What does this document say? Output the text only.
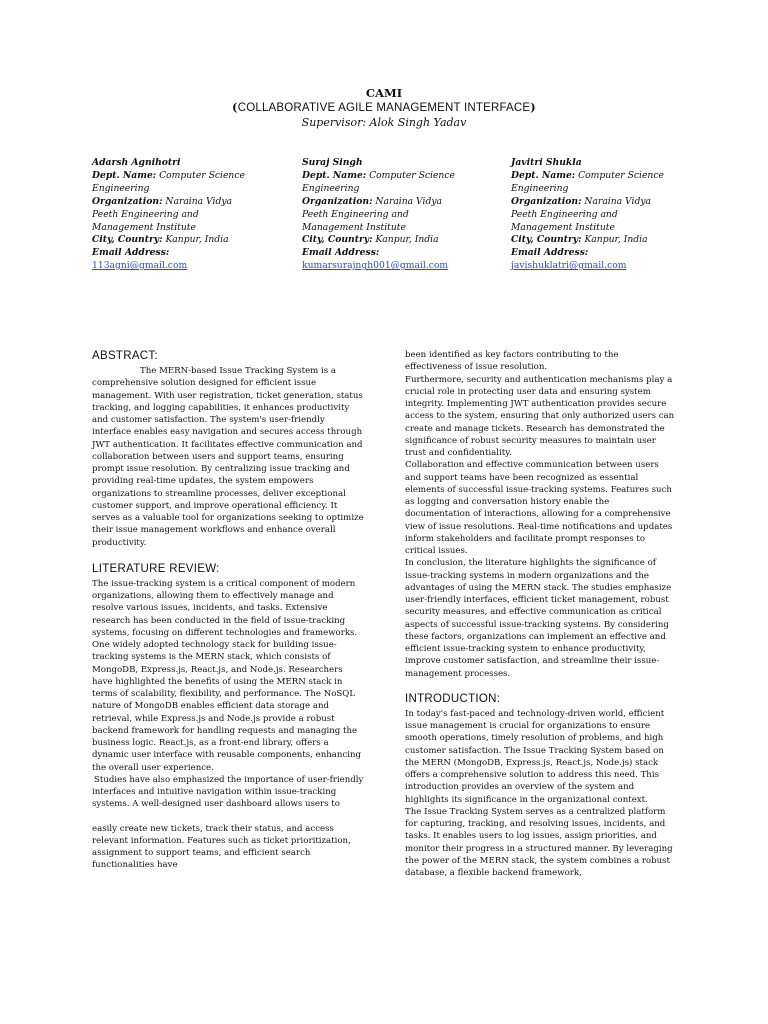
CAMI
(COLLABORATIVE AGILE MANAGEMENT INTERFACE)
Supervisor: Alok Singh Yadav
Adarsh Agnihotri
Dept. Name: Computer Science Engineering
Organization: Naraina Vidya Peeth Engineering and Management Institute
City, Country: Kanpur, India
Email Address:
113agni@gmail.com
Suraj Singh
Dept. Name: Computer Science Engineering
Organization: Naraina Vidya Peeth Engineering and Management Institute
City, Country: Kanpur, India
Email Address:
kumarsurajngh001@gmail.com
Javitri Shukla
Dept. Name: Computer Science Engineering
Organization: Naraina Vidya Peeth Engineering and Management Institute
City, Country: Kanpur, India
Email Address:
javishuklatri@gmail.com
ABSTRACT:

The MERN-based Issue Tracking System is a comprehensive solution designed for efficient issue management. With user registration, ticket generation, status tracking, and logging capabilities, it enhances productivity and customer satisfaction. The system's user-friendly interface enables easy navigation and secures access through JWT authentication. It facilitates effective communication and collaboration between users and support teams, ensuring prompt issue resolution. By centralizing issue tracking and providing real-time updates, the system empowers organizations to streamline processes, deliver exceptional customer support, and improve operational efficiency. It serves as a valuable tool for organizations seeking to optimize their issue management workflows and enhance overall productivity.

LITERATURE REVIEW:

The issue-tracking system is a critical component of modern organizations, allowing them to effectively manage and resolve various issues, incidents, and tasks. Extensive research has been conducted in the field of issue-tracking systems, focusing on different technologies and frameworks.

One widely adopted technology stack for building issue-tracking systems is the MERN stack, which consists of MongoDB, Express.js, React.js, and Node.js. Researchers have highlighted the benefits of using the MERN stack in terms of scalability, flexibility, and performance. The NoSQL nature of MongoDB enables efficient data storage and retrieval, while Express.js and Node.js provide a robust backend framework for handling requests and managing the business logic. React.js, as a front-end library, offers a dynamic user interface with reusable components, enhancing the overall user experience.

Studies have also emphasized the importance of user-friendly interfaces and intuitive navigation within issue-tracking systems. A well-designed user dashboard allows users to

easily create new tickets, track their status, and access relevant information. Features such as ticket prioritization, assignment to support teams, and efficient search functionalities have

been identified as key factors contributing to the effectiveness of issue resolution.

Furthermore, security and authentication mechanisms play a crucial role in protecting user data and ensuring system integrity. Implementing JWT authentication provides secure access to the system, ensuring that only authorized users can create and manage tickets. Research has demonstrated the significance of robust security measures to maintain user trust and confidentiality.

Collaboration and effective communication between users and support teams have been recognized as essential elements of successful issue-tracking systems. Features such as logging and conversation history enable the documentation of interactions, allowing for a comprehensive view of issue resolutions. Real-time notifications and updates inform stakeholders and facilitate prompt responses to critical issues.

In conclusion, the literature highlights the significance of issue-tracking systems in modern organizations and the advantages of using the MERN stack. The studies emphasize user-friendly interfaces, efficient ticket management, robust security measures, and effective communication as critical aspects of successful issue-tracking systems. By considering these factors, organizations can implement an effective and efficient issue-tracking system to enhance productivity, improve customer satisfaction, and streamline their issue-management processes.

INTRODUCTION:

In today's fast-paced and technology-driven world, efficient issue management is crucial for organizations to ensure smooth operations, timely resolution of problems, and high customer satisfaction. The Issue Tracking System based on the MERN (MongoDB, Express.js, React.js, Node.js) stack offers a comprehensive solution to address this need. This introduction provides an overview of the system and highlights its significance in the organizational context.

The Issue Tracking System serves as a centralized platform for capturing, tracking, and resolving issues, incidents, and tasks. It enables users to log issues, assign priorities, and monitor their progress in a structured manner. By leveraging the power of the MERN stack, the system combines a robust database, a flexible backend framework,
